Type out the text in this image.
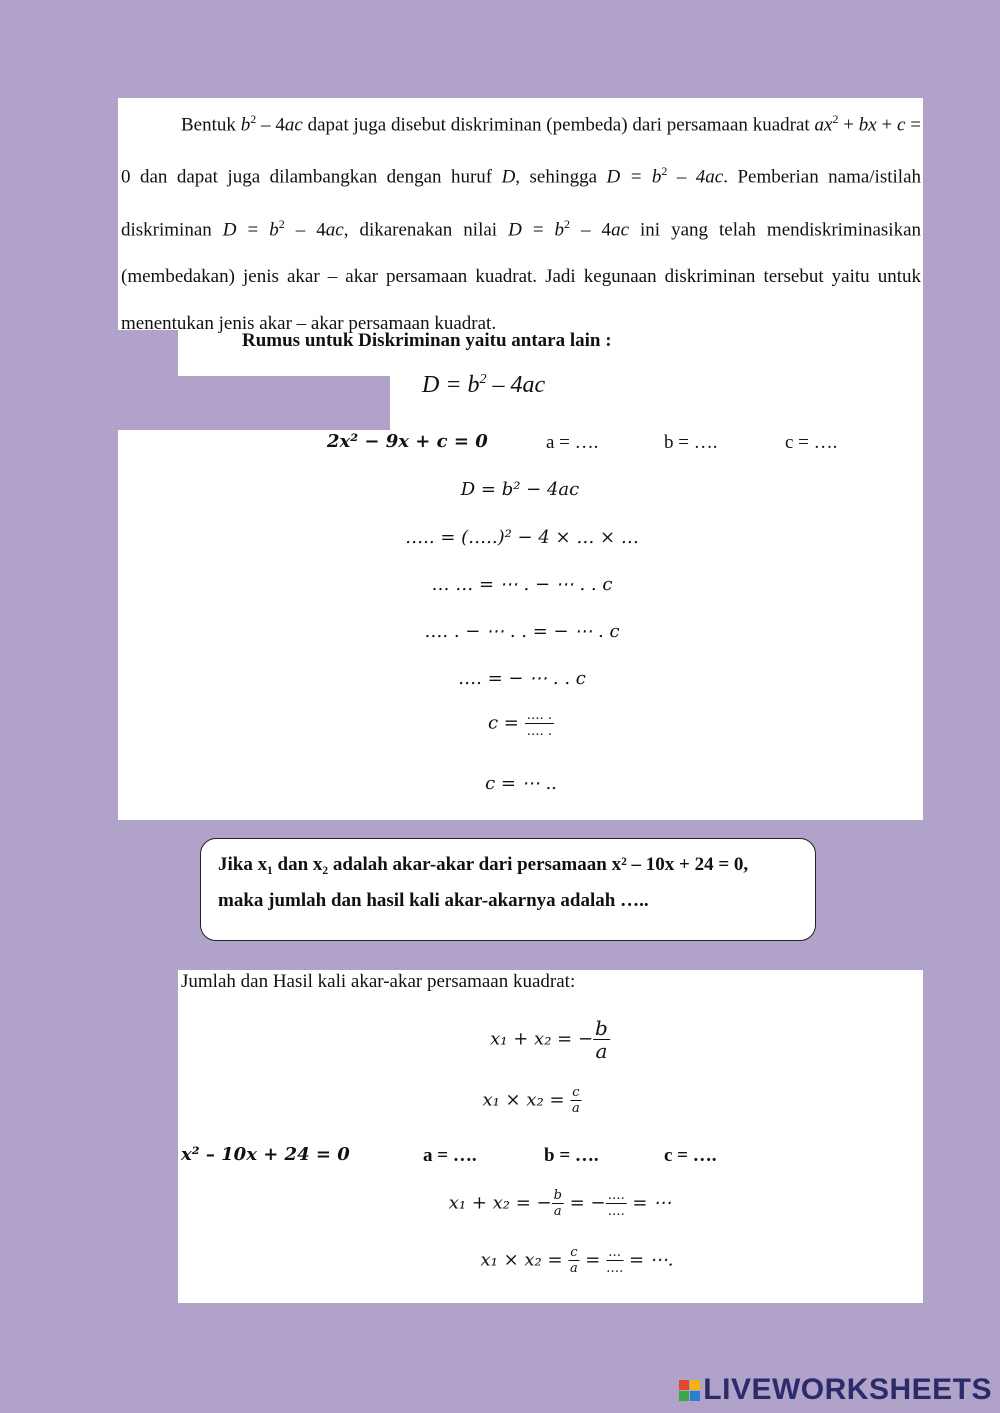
Bentuk $b^2 - 4ac$ dapat juga disebut diskriminan (pembeda) dari persamaan kuadrat $ax^2$ + bx + c = 0 dan dapat juga dilambangkan dengan huruf D, sehingga $D = b^2 - 4ac$. Pemberian nama/istilah diskriminan $D = b^2 - 4ac$, dikarenakan nilai $D = b^2 - 4ac$ ini yang telah mendiskriminasikan (membedakan) jenis akar – akar persamaan kuadrat. Jadi kegunaan diskriminan tersebut yaitu untuk menentukan jenis akar – akar persamaan kuadrat.
Rumus untuk Diskriminan yaitu antara lain :
$D = b^2 - 4ac$
2x² − 9x + c = 0	a = ….	b = ….	c = ….
D = b² − 4ac
….. = (…..)² − 4 × … × …
… … = ⋯ . − ⋯ . . c
…. . − ⋯ . . = − ⋯ . c
…. = − ⋯ . . c
$c = \frac{\dots. .}{\dots. .}$
c = ⋯ ..
Jika x₁ dan x₂ adalah akar-akar dari persamaan x² – 10x + 24 = 0,
maka jumlah dan hasil kali akar-akarnya adalah …..
Jumlah dan Hasil kali akar-akar persamaan kuadrat:
x₁ + x₂ = − $\frac{b}{a}$
$x_1 \times x_2 = \frac{c}{a}$
x² – 10x + 24 = 0	a = ….	b = ….	c = ….
x₁ + x₂ = − $\frac{b}{a}$ = − $\frac{\dots.}{\dots.}$ = ⋯
$x_1 \times x_2 = \frac{c}{a} = \frac{\dots}{\dots.}$ = ⋯.
LIVEWORKSHEETS
